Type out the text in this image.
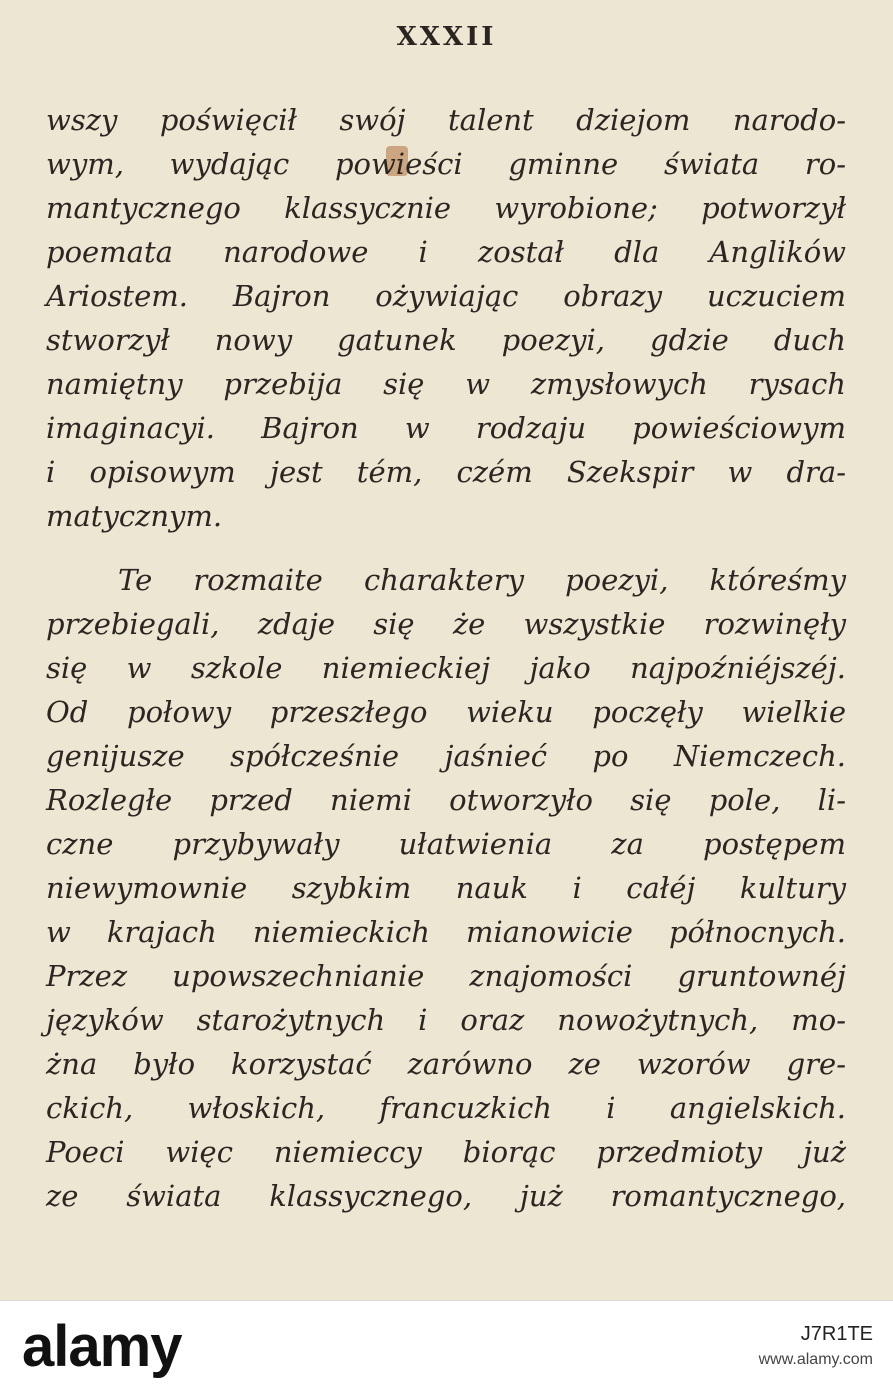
XXXII
wszy poświęcił swój talent dziejom narodo-
wym, wydając powieści gminne świata ro-
mantycznego klassycznie wyrobione; potworzył
poemata narodowe i został dla Anglików
Ariostem. Bajron ożywiając obrazy uczuciem
stworzył nowy gatunek poezyi, gdzie duch
namiętny przebija się w zmysłowych rysach
imaginacyi. Bajron w rodzaju powieściowym
i opisowym jest tém, czém Szekspir w dra-
matycznym.
Te rozmaite charaktery poezyi, któreśmy
przebiegali, zdaje się że wszystkie rozwinęły
się w szkole niemieckiej jako najpoźniéjszéj.
Od połowy przeszłego wieku poczęły wielkie
genijusze spółcześnie jaśnieć po Niemczech.
Rozległe przed niemi otworzyło się pole, li-
czne przybywały ułatwienia za postępem
niewymownie szybkim nauk i całéj kultury
w krajach niemieckich mianowicie północnych.
Przez upowszechnianie znajomości gruntownéj
języków starożytnych i oraz nowożytnych, mo-
żna było korzystać zarówno ze wzorów gre-
ckich, włoskich, francuzkich i angielskich.
Poeci więc niemieccy biorąc przedmioty już
ze świata klassycznego, już romantycznego,
alamy	J7R1TE
www.alamy.com
